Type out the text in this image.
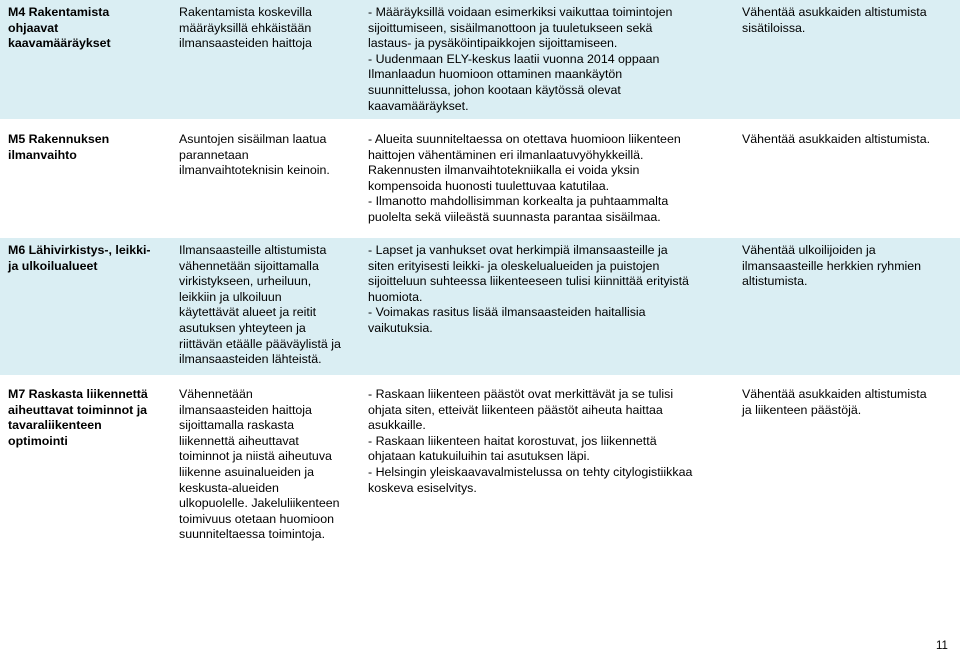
M4 Rakentamista
ohjaavat
kaavamääräykset
Rakentamista koskevilla
määräyksillä ehkäistään
ilmansaasteiden haittoja
- Määräyksillä voidaan esimerkiksi vaikuttaa toimintojen
sijoittumiseen, sisäilmanottoon ja tuuletukseen sekä
lastaus- ja pysäköintipaikkojen sijoittamiseen.
- Uudenmaan ELY-keskus laatii vuonna 2014 oppaan
Ilmanlaadun huomioon ottaminen maankäytön
suunnittelussa, johon kootaan käytössä olevat
kaavamääräykset.
Vähentää asukkaiden altistumista
sisätiloissa.
M5 Rakennuksen
ilmanvaihto
Asuntojen sisäilman laatua
parannetaan
ilmanvaihtoteknisin keinoin.
- Alueita suunniteltaessa on otettava huomioon liikenteen
haittojen vähentäminen eri ilmanlaatuvyöhykkeillä.
Rakennusten ilmanvaihtotekniikalla ei voida yksin
kompensoida huonosti tuulettuvaa katutilaa.
- Ilmanotto mahdollisimman korkealta ja puhtaammalta
puolelta sekä viileästä suunnasta parantaa sisäilmaa.
Vähentää asukkaiden altistumista.
M6 Lähivirkistys-, leikki-
ja ulkoilualueet
Ilmansaasteille altistumista
vähennetään sijoittamalla
virkistykseen, urheiluun,
leikkiin ja ulkoiluun
käytettävät alueet ja reitit
asutuksen yhteyteen ja
riittävän etäälle pääväylistä ja
ilmansaasteiden lähteistä.
- Lapset ja vanhukset ovat herkimpiä ilmansaasteille ja
siten erityisesti leikki- ja oleskelualueiden ja puistojen
sijoitteluun suhteessa liikenteeseen tulisi kiinnittää erityistä
huomiota.
- Voimakas rasitus lisää ilmansaasteiden haitallisia
vaikutuksia.
Vähentää ulkoilijoiden ja
ilmansaasteille herkkien ryhmien
altistumista.
M7 Raskasta liikennettä
aiheuttavat toiminnot ja
tavaraliikenteen
optimointi
Vähennetään
ilmansaasteiden haittoja
sijoittamalla raskasta
liikennettä aiheuttavat
toiminnot ja niistä aiheutuva
liikenne asuinalueiden ja
keskusta-alueiden
ulkopuolelle. Jakeluliikenteen
toimivuus otetaan huomioon
suunniteltaessa toimintoja.
- Raskaan liikenteen päästöt ovat merkittävät ja se tulisi
ohjata siten, etteivät liikenteen päästöt aiheuta haittaa
asukkaille.
- Raskaan liikenteen haitat korostuvat, jos liikennettä
ohjataan katukuiluihin tai asutuksen läpi.
- Helsingin yleiskaavavalmistelussa on tehty citylogistiikkaa
koskeva esiselvitys.
Vähentää asukkaiden altistumista
ja liikenteen päästöjä.
11
